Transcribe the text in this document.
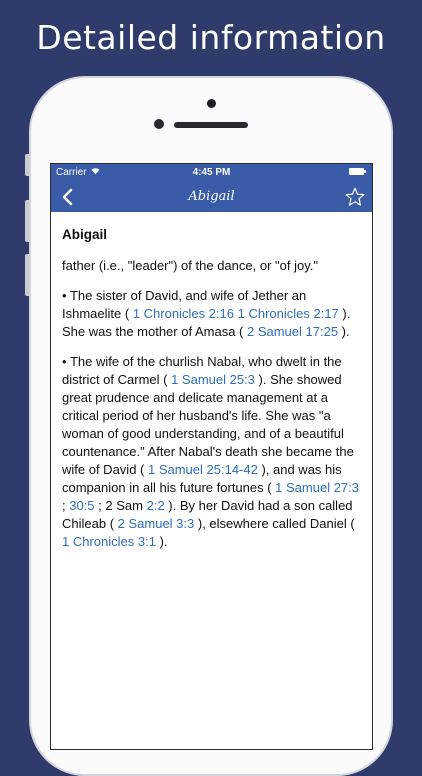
Detailed information
Carrier	4:45 PM
Abigail
Abigail
father (i.e., "leader") of the dance, or "of joy."
• The sister of David, and wife of Jether an Ishmaelite ( 1 Chronicles 2:16 1 Chronicles 2:17 ). She was the mother of Amasa ( 2 Samuel 17:25 ).
• The wife of the churlish Nabal, who dwelt in the district of Carmel ( 1 Samuel 25:3 ). She showed great prudence and delicate management at a critical period of her husband's life. She was "a woman of good understanding, and of a beautiful countenance." After Nabal's death she became the wife of David ( 1 Samuel 25:14-42 ), and was his companion in all his future fortunes ( 1 Samuel 27:3 ; 30:5 ; 2 Sam 2:2 ). By her David had a son called Chileab ( 2 Samuel 3:3 ), elsewhere called Daniel ( 1 Chronicles 3:1 ).
